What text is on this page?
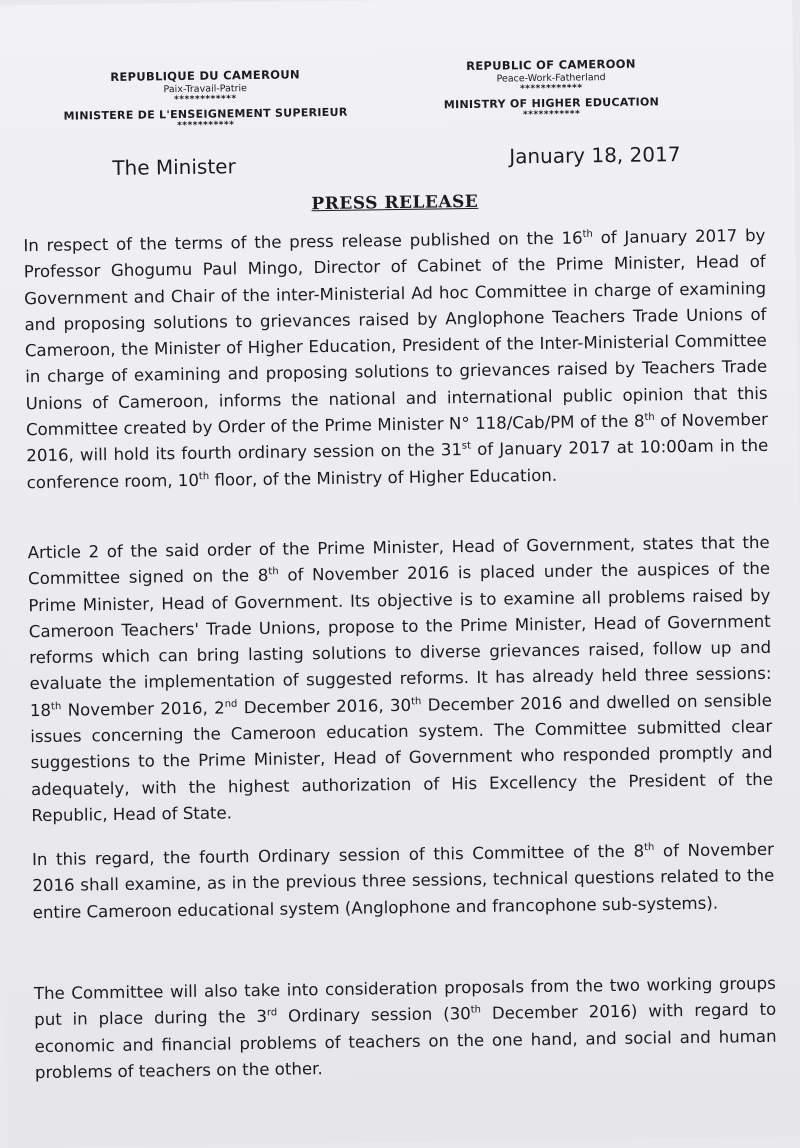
REPUBLIQUE DU CAMEROUN
Paix-Travail-Patrie
************
MINISTERE DE L'ENSEIGNEMENT SUPERIEUR
***********
REPUBLIC OF CAMEROON
Peace-Work-Fatherland
************
MINISTRY OF HIGHER EDUCATION
***********
The Minister	January 18, 2017
PRESS RELEASE
In respect of the terms of the press release published on the 16th of January 2017 by Professor Ghogumu Paul Mingo, Director of Cabinet of the Prime Minister, Head of Government and Chair of the inter-Ministerial Ad hoc Committee in charge of examining and proposing solutions to grievances raised by Anglophone Teachers Trade Unions of Cameroon, the Minister of Higher Education, President of the Inter-Ministerial Committee in charge of examining and proposing solutions to grievances raised by Teachers Trade Unions of Cameroon, informs the national and international public opinion that this Committee created by Order of the Prime Minister N° 118/Cab/PM of the 8th of November 2016, will hold its fourth ordinary session on the 31st of January 2017 at 10:00am in the conference room, 10th floor, of the Ministry of Higher Education.
Article 2 of the said order of the Prime Minister, Head of Government, states that the Committee signed on the 8th of November 2016 is placed under the auspices of the Prime Minister, Head of Government. Its objective is to examine all problems raised by Cameroon Teachers' Trade Unions, propose to the Prime Minister, Head of Government reforms which can bring lasting solutions to diverse grievances raised, follow up and evaluate the implementation of suggested reforms. It has already held three sessions: 18th November 2016, 2nd December 2016, 30th December 2016 and dwelled on sensible issues concerning the Cameroon education system. The Committee submitted clear suggestions to the Prime Minister, Head of Government who responded promptly and adequately, with the highest authorization of His Excellency the President of the Republic, Head of State.
In this regard, the fourth Ordinary session of this Committee of the 8th of November 2016 shall examine, as in the previous three sessions, technical questions related to the entire Cameroon educational system (Anglophone and francophone sub-systems).
The Committee will also take into consideration proposals from the two working groups put in place during the 3rd Ordinary session (30th December 2016) with regard to economic and financial problems of teachers on the one hand, and social and human problems of teachers on the other.
